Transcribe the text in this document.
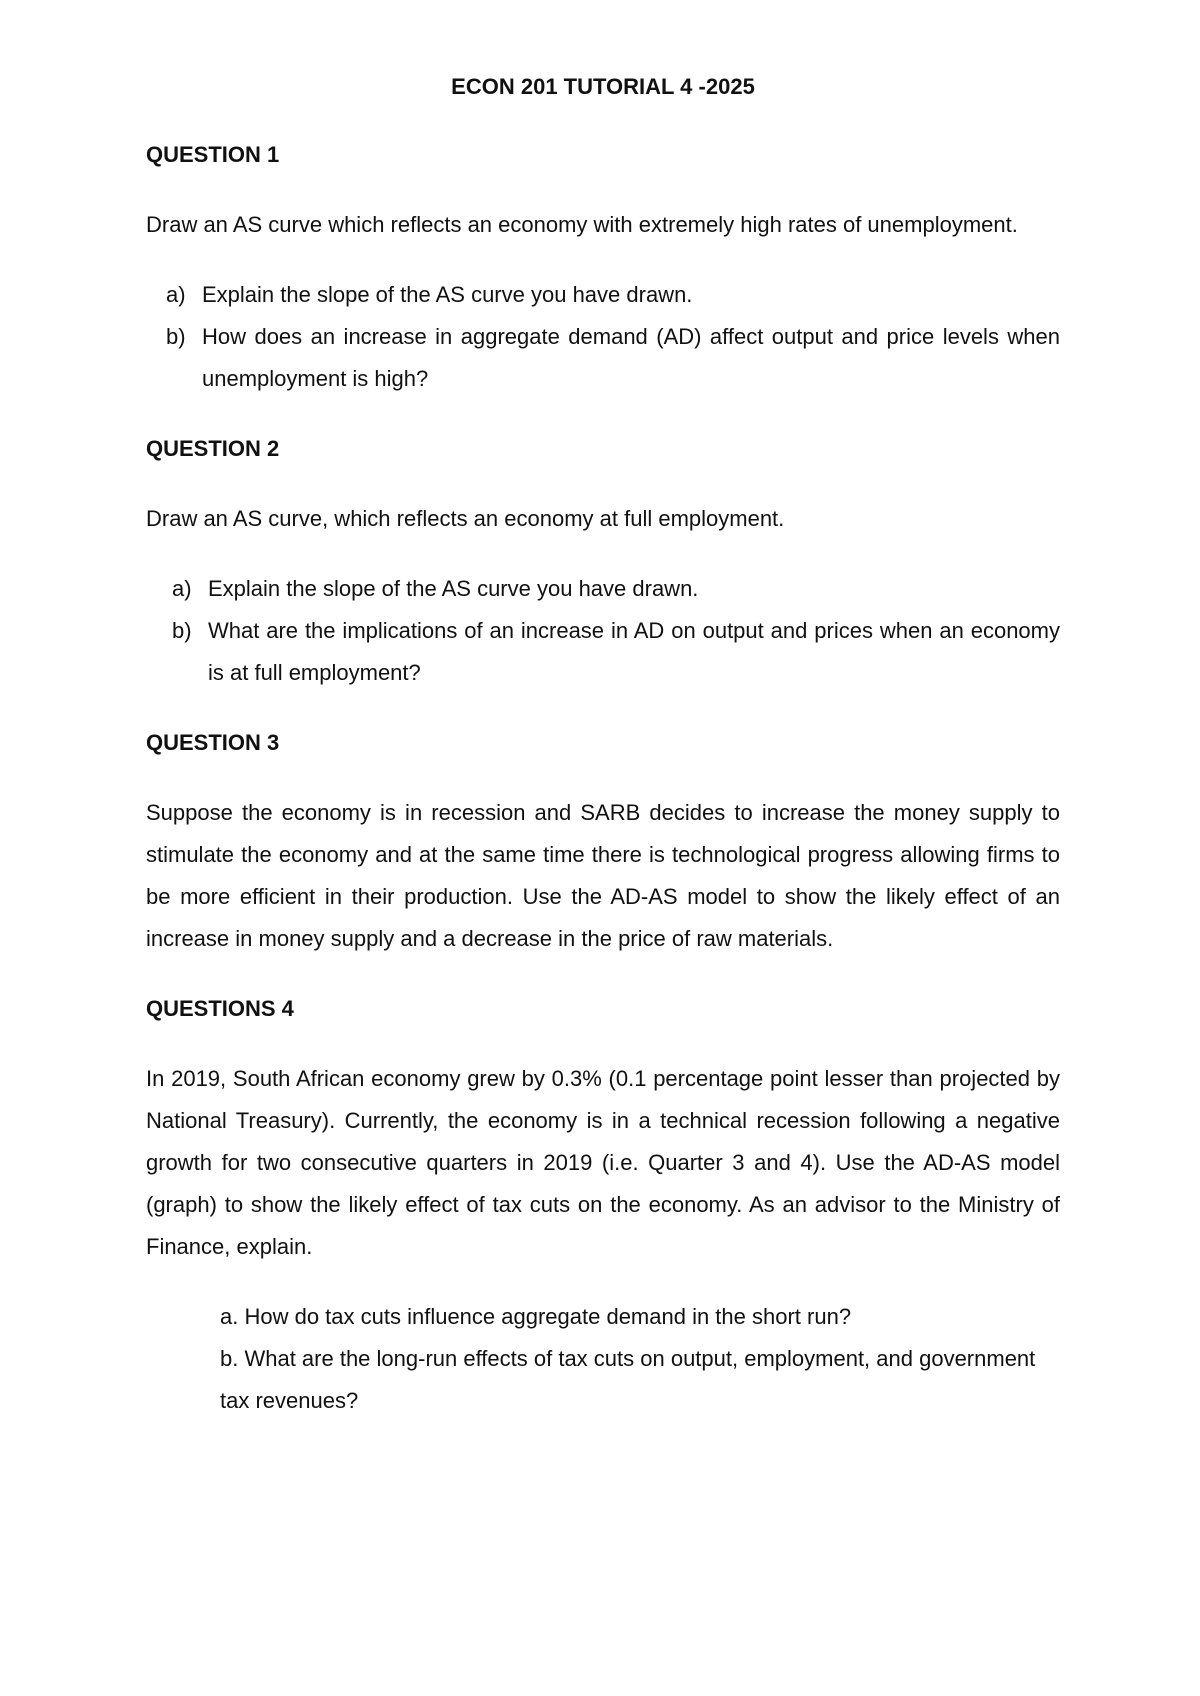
ECON 201 TUTORIAL 4 -2025
QUESTION 1
Draw an AS curve which reflects an economy with extremely high rates of unemployment.
a) Explain the slope of the AS curve you have drawn.
b) How does an increase in aggregate demand (AD) affect output and price levels when unemployment is high?
QUESTION 2
Draw an AS curve, which reflects an economy at full employment.
a) Explain the slope of the AS curve you have drawn.
b) What are the implications of an increase in AD on output and prices when an economy is at full employment?
QUESTION 3
Suppose the economy is in recession and SARB decides to increase the money supply to stimulate the economy and at the same time there is technological progress allowing firms to be more efficient in their production. Use the AD-AS model to show the likely effect of an increase in money supply and a decrease in the price of raw materials.
QUESTIONS 4
In 2019, South African economy grew by 0.3% (0.1 percentage point lesser than projected by National Treasury). Currently, the economy is in a technical recession following a negative growth for two consecutive quarters in 2019 (i.e. Quarter 3 and 4). Use the AD-AS model (graph) to show the likely effect of tax cuts on the economy. As an advisor to the Ministry of Finance, explain.
a. How do tax cuts influence aggregate demand in the short run?
b. What are the long-run effects of tax cuts on output, employment, and government tax revenues?
